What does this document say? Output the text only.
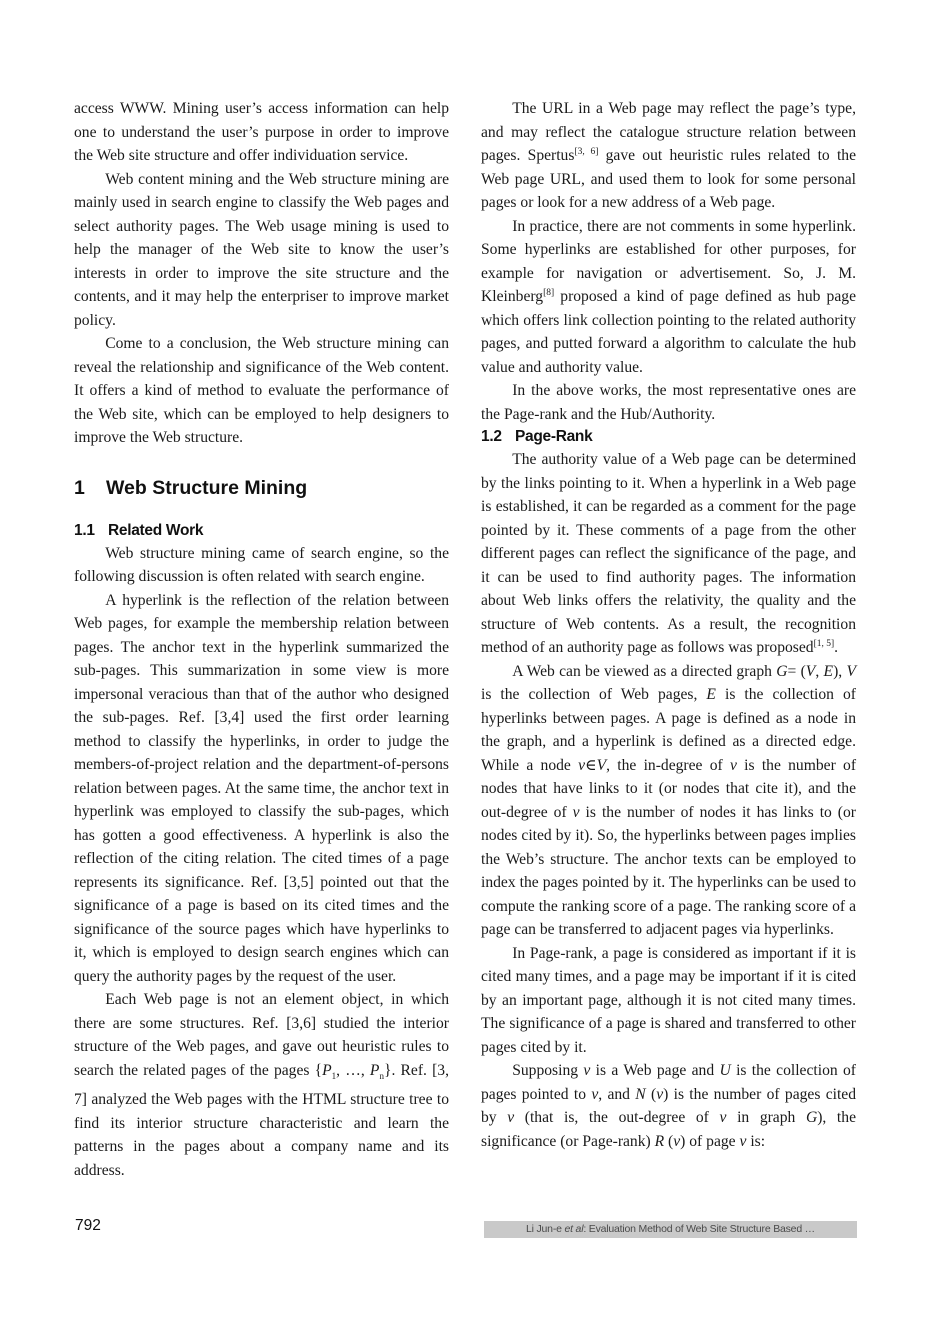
access WWW. Mining user’s access information can help one to understand the user’s purpose in order to improve the Web site structure and offer individuation service.

Web content mining and the Web structure mining are mainly used in search engine to classify the Web pages and select authority pages. The Web usage mining is used to help the manager of the Web site to know the user’s interests in order to improve the site structure and the contents, and it may help the enterpriser to improve market policy.

Come to a conclusion, the Web structure mining can reveal the relationship and significance of the Web content. It offers a kind of method to evaluate the performance of the Web site, which can be employed to help designers to improve the Web structure.

1 Web Structure Mining
1.1 Related Work

Web structure mining came of search engine, so the following discussion is often related with search engine.

A hyperlink is the reflection of the relation between Web pages, for example the membership relation between pages. The anchor text in the hyperlink summarized the sub-pages. This summarization in some view is more impersonal veracious than that of the author who designed the sub-pages. Ref. [3,4] used the first order learning method to classify the hyperlinks, in order to judge the members-of-project relation and the department-of-persons relation between pages. At the same time, the anchor text in hyperlink was employed to classify the sub-pages, which has gotten a good effectiveness. A hyperlink is also the reflection of the citing relation. The cited times of a page represents its significance. Ref. [3,5] pointed out that the significance of a page is based on its cited times and the significance of the source pages which have hyperlinks to it, which is employed to design search engines which can query the authority pages by the request of the user.

Each Web page is not an element object, in which there are some structures. Ref. [3,6] studied the interior structure of the Web pages, and gave out heuristic rules to search the related pages of the pages {$P_1$, …, $P_n$}. Ref. [3, 7] analyzed the Web pages with the HTML structure tree to find its interior structure characteristic and learn the patterns in the pages about a company name and its address.

The URL in a Web page may reflect the page’s type, and may reflect the catalogue structure relation between pages. Spertus[3, 6] gave out heuristic rules related to the Web page URL, and used them to look for some personal pages or look for a new address of a Web page.

In practice, there are not comments in some hyperlink. Some hyperlinks are established for other purposes, for example for navigation or advertisement. So, J. M. Kleinberg[8] proposed a kind of page defined as hub page which offers link collection pointing to the related authority pages, and putted forward a algorithm to calculate the hub value and authority value.

In the above works, the most representative ones are the Page-rank and the Hub/Authority.

1.2 Page-Rank

The authority value of a Web page can be determined by the links pointing to it. When a hyperlink in a Web page is established, it can be regarded as a comment for the page pointed by it. These comments of a page from the other different pages can reflect the significance of the page, and it can be used to find authority pages. The information about Web links offers the relativity, the quality and the structure of Web contents. As a result, the recognition method of an authority page as follows was proposed[1, 5].

A Web can be viewed as a directed graph G= (V, E), V is the collection of Web pages, E is the collection of hyperlinks between pages. A page is defined as a node in the graph, and a hyperlink is defined as a directed edge. While a node v∈V, the in-degree of v is the number of nodes that have links to it (or nodes that cite it), and the out-degree of v is the number of nodes it has links to (or nodes cited by it). So, the hyperlinks between pages implies the Web’s structure. The anchor texts can be employed to index the pages pointed by it. The hyperlinks can be used to compute the ranking score of a page. The ranking score of a page can be transferred to adjacent pages via hyperlinks.

In Page-rank, a page is considered as important if it is cited many times, and a page may be important if it is cited by an important page, although it is not cited many times. The significance of a page is shared and transferred to other pages cited by it.

Supposing v is a Web page and U is the collection of pages pointed to v, and N (v) is the number of pages cited by v (that is, the out-degree of v in graph G), the significance (or Page-rank) R (v) of page v is:

792	Li Jun-e et al: Evaluation Method of Web Site Structure Based …
